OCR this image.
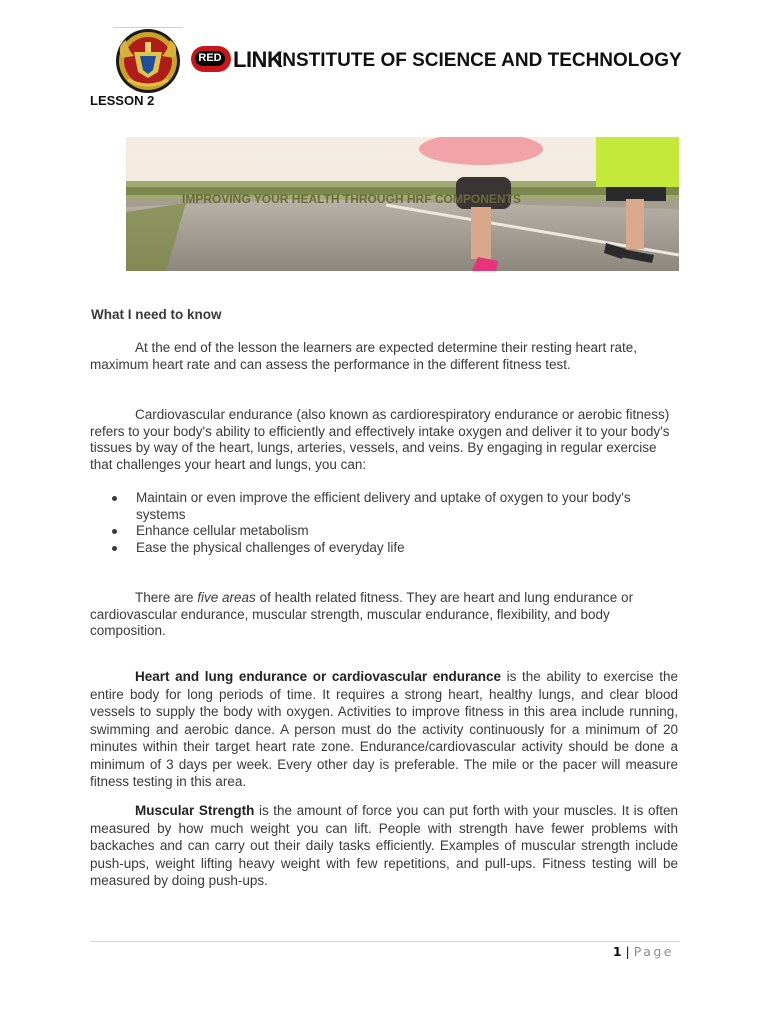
RED LINK
INSTITUTE OF SCIENCE AND TECHNOLOGY
LESSON 2
IMPROVING YOUR HEALTH THROUGH HRF COMPONENTS
What I need to know
At the end of the lesson the learners are expected determine their resting heart rate, maximum heart rate and can assess the performance in the different fitness test.
Cardiovascular endurance (also known as cardiorespiratory endurance or aerobic fitness) refers to your body's ability to efficiently and effectively intake oxygen and deliver it to your body's tissues by way of the heart, lungs, arteries, vessels, and veins. By engaging in regular exercise that challenges your heart and lungs, you can:
Maintain or even improve the efficient delivery and uptake of oxygen to your body's systems
Enhance cellular metabolism
Ease the physical challenges of everyday life
There are five areas of health related fitness. They are heart and lung endurance or cardiovascular endurance, muscular strength, muscular endurance, flexibility, and body composition.
Heart and lung endurance or cardiovascular endurance is the ability to exercise the entire body for long periods of time. It requires a strong heart, healthy lungs, and clear blood vessels to supply the body with oxygen. Activities to improve fitness in this area include running, swimming and aerobic dance. A person must do the activity continuously for a minimum of 20 minutes within their target heart rate zone. Endurance/cardiovascular activity should be done a minimum of 3 days per week. Every other day is preferable. The mile or the pacer will measure fitness testing in this area.
Muscular Strength is the amount of force you can put forth with your muscles. It is often measured by how much weight you can lift. People with strength have fewer problems with backaches and can carry out their daily tasks efficiently. Examples of muscular strength include push-ups, weight lifting heavy weight with few repetitions, and pull-ups. Fitness testing will be measured by doing push-ups.
1 | Page
